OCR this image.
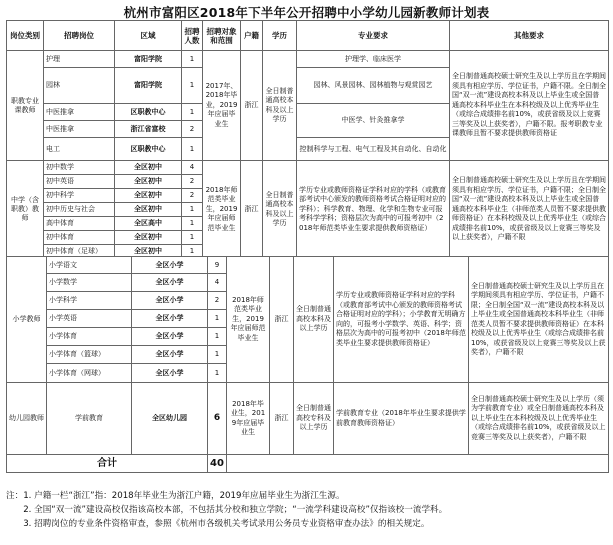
杭州市富阳区2018年下半年公开招聘中小学幼儿园新教师计划表
岗位类别	招聘岗位	区域	招聘人数	招聘对象和范围	户籍	学历	专业要求	其他要求
职教专业课教师	护理	富阳学院	1	2017年、2018年毕业，2019年应届毕业生	浙江	全日制普通高校本科及以上学历	护理学、临床医学	全日制普通高校硕士研究生及以上学历且在学期间须具有相应学历、学位证书，户籍不限。全日制全国“双一流”建设高校本科及以上毕业生或全国普通高校本科毕业生在本科校级及以上优秀毕业生（或综合成绩排名前10%，或获省级及以上竞赛三等奖及以上获奖者），户籍不限。报考职教专业课教师且暂不要求提供教师资格证
	园林	富阳学院	1				园林、风景园林、园林植物与观赏园艺	
	中医推拿	区职教中心	1				中医学、针灸推拿学	
	中医推拿	浙江省富校	2					
	电工	区职教中心	1				控制科学与工程、电气工程及其自动化、自动化	
中学（含职教）教师	初中数学	全区初中	4	2018年师范类毕业生，2019年应届师范毕业生	浙江	全日制普通高校本科及以上学历	学历专业或教师资格证学科对应的学科（或教育部考试中心颁发的教师资格考试合格证明对应的学科）；科学教育、物理、化学和生物专业可报考科学学科；资格层次为高中的可报考初中（2018年师范类毕业生要求提供教师资格证）	全日制普通高校硕士研究生及以上学历且在学期间须具有相应学历、学位证书，户籍不限；全日制全国“双一流”建设高校本科及以上毕业生或全国普通高校本科毕业生（非师范类人员暂不要求提供教师资格证）在本科校级及以上优秀毕业生（或综合成绩排名前10%，或获省级及以上竞赛三等奖及以上获奖者），户籍不限
	初中英语	全区初中	2					
	初中科学	全区初中	2					
	初中历史与社会	全区初中	1					
	高中体育	全区高中	1					
	初中体育	全区初中	1					
	初中体育（足球）	全区初中	1					
小学教师	小学语文	全区小学	9	2018年师范类毕业生，2019年应届师范毕业生	浙江	全日制普通高校本科及以上学历	学历专业或教师资格证学科对应的学科（或教育部考试中心颁发的教师资格考试合格证明对应的学科）；小学教育无明确方向的，可报考小学数学、英语、科学；资格层次为高中的可报考初中（2018年师范类毕业生要求提供教师资格证）	全日制普通高校硕士研究生及以上学历且在学期间须具有相应学历、学位证书，户籍不限；全日制全国“双一流”建设高校本科及以上毕业生或全国普通高校本科毕业生（非师范类人员暂不要求提供教师资格证）在本科校级及以上优秀毕业生（或综合成绩排名前10%，或获省级及以上竞赛三等奖及以上获奖者），户籍不限
	小学数学	全区小学	4					
	小学科学	全区小学	2					
	小学英语	全区小学	1					
	小学体育	全区小学	1					
	小学体育（篮球）	全区小学	1					
	小学体育（网球）	全区小学	1					
幼儿园教师	学前教育	全区幼儿园	6	2018年毕业生，2019年应届毕业生	浙江	全日制普通高校专科及以上学历	学前教育专业（2018年毕业生要求提供学前教育教师资格证）	全日制普通高校硕士研究生及以上学历（须为学前教育专业）或全日制普通高校本科及以上毕业生在本科校级及以上优秀毕业生（或综合成绩排名前10%，或获省级及以上竞赛三等奖及以上获奖者），户籍不限
合计			40					
注：1. 户籍一栏“浙江”指：2018年毕业生为浙江户籍，2019年应届毕业生为浙江生源。
　　2. 全国“双一流”建设高校仅指该高校本部，不包括其分校和独立学院；“一流学科建设高校”仅指该校一流学科。
　　3. 招聘岗位的专业条件资格审查，参照《杭州市各级机关考试录用公务员专业资格审查办法》的相关规定。
